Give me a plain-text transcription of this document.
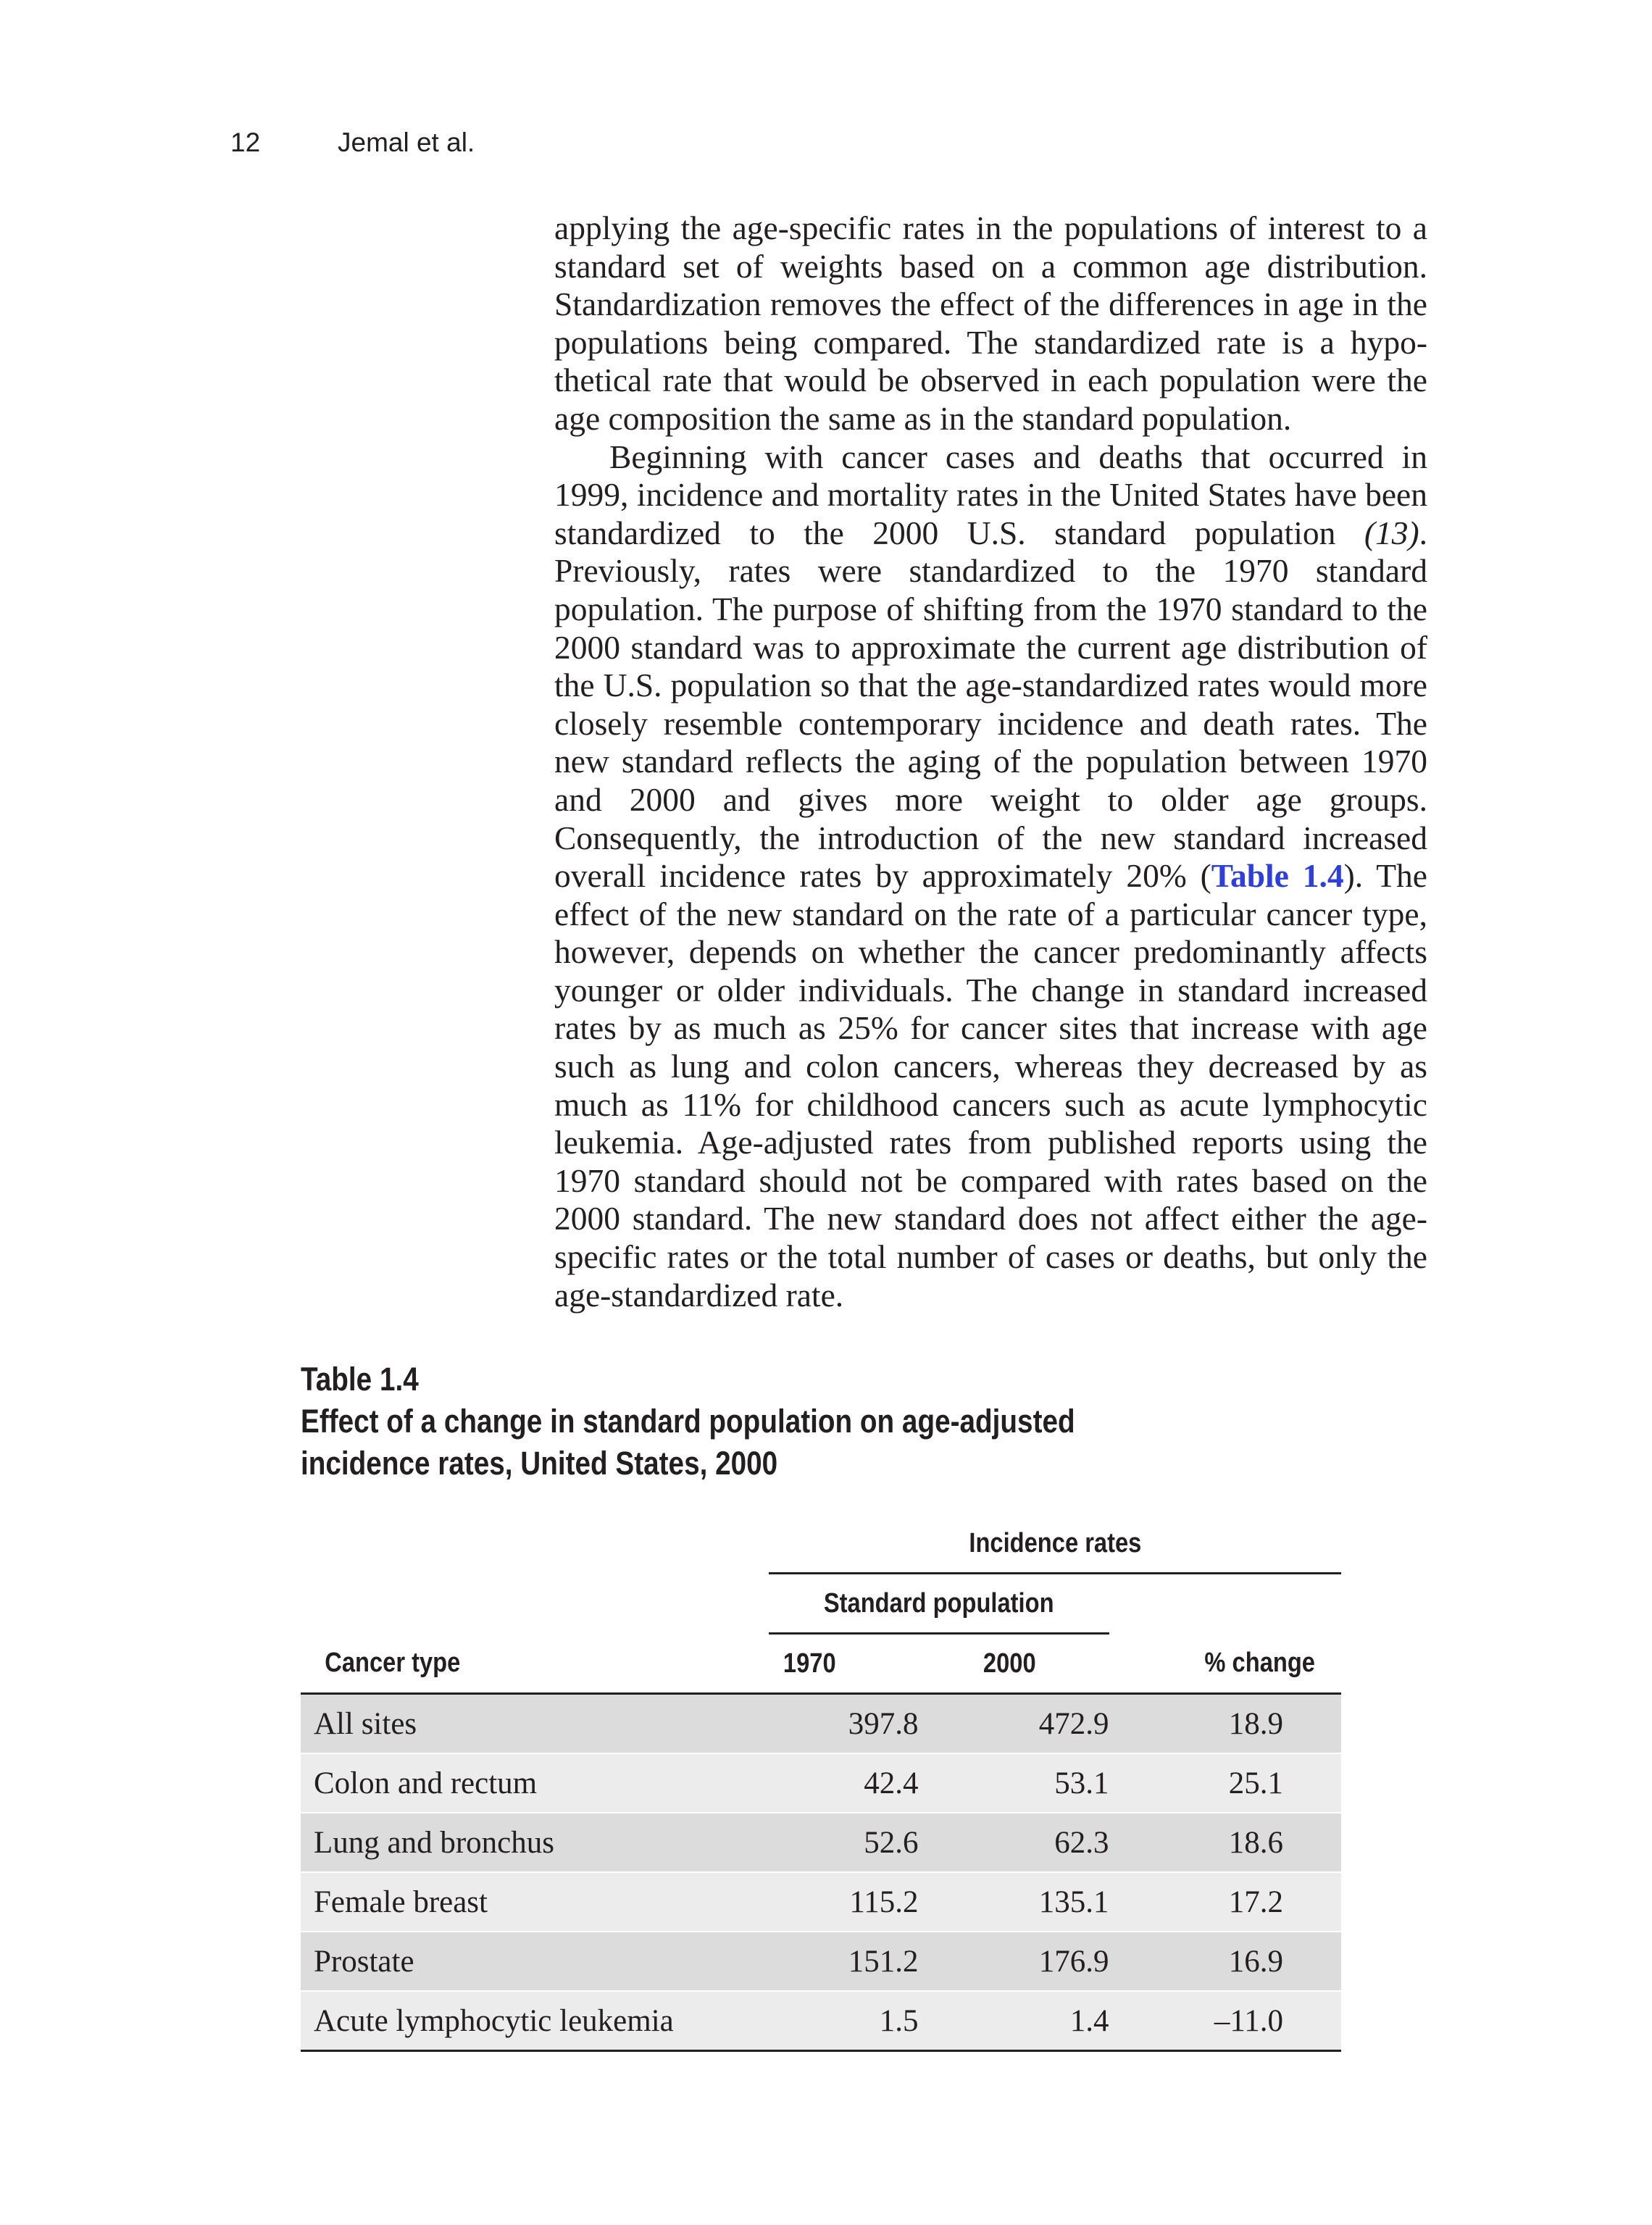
12	Jemal et al.

applying the age-specific rates in the populations of interest to a standard set of weights based on a common age distribution. Standardization removes the effect of the differences in age in the populations being compared. The standardized rate is a hypothetical rate that would be observed in each population were the age composition the same as in the standard population.

Beginning with cancer cases and deaths that occurred in 1999, incidence and mortality rates in the United States have been standardized to the 2000 U.S. standard population (13). Previously, rates were standardized to the 1970 standard population. The purpose of shifting from the 1970 standard to the 2000 standard was to approximate the current age distribution of the U.S. population so that the age-standardized rates would more closely resemble contemporary incidence and death rates. The new standard reflects the aging of the population between 1970 and 2000 and gives more weight to older age groups. Consequently, the introduction of the new standard increased overall incidence rates by approximately 20% (Table 1.4). The effect of the new standard on the rate of a particular cancer type, however, depends on whether the cancer predominantly affects younger or older individuals. The change in standard increased rates by as much as 25% for cancer sites that increase with age such as lung and colon cancers, whereas they decreased by as much as 11% for childhood cancers such as acute lymphocytic leukemia. Age-adjusted rates from published reports using the 1970 standard should not be compared with rates based on the 2000 standard. The new standard does not affect either the age-specific rates or the total number of cases or deaths, but only the age-standardized rate.

Table 1.4
Effect of a change in standard population on age-adjusted incidence rates, United States, 2000
	Incidence rates		
	Standard population		
Cancer type	1970	2000	% change
All sites	397.8	472.9	18.9
Colon and rectum	42.4	53.1	25.1
Lung and bronchus	52.6	62.3	18.6
Female breast	115.2	135.1	17.2
Prostate	151.2	176.9	16.9
Acute lymphocytic leukemia	1.5	1.4	–11.0
